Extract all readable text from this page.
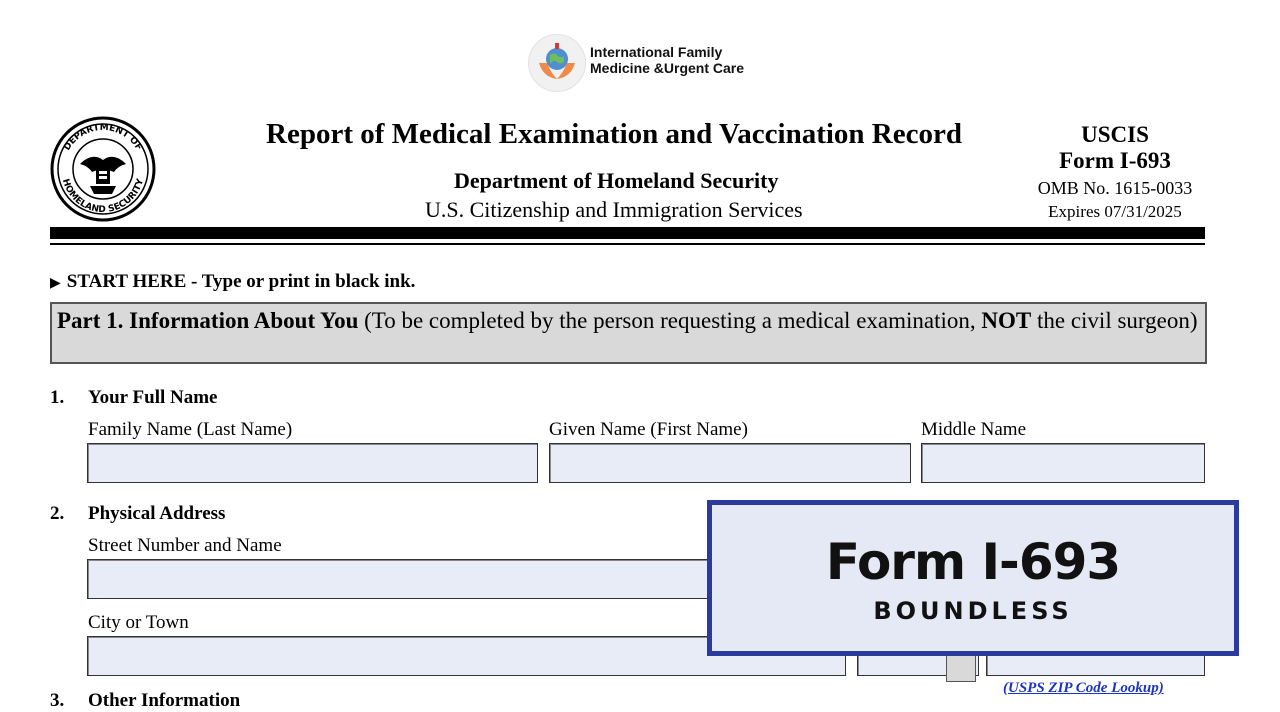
International Family
Medicine &Urgent Care
DEPARTMENT OF
HOMELAND SECURITY
Report of Medical Examination and Vaccination Record
Department of Homeland Security
U.S. Citizenship and Immigration Services
USCIS
Form I-693
OMB No. 1615-0033
Expires 07/31/2025
▶ START HERE - Type or print in black ink.
Part 1. Information About You (To be completed by the person requesting a medical examination, NOT the civil surgeon)
1. Your Full Name
Family Name (Last Name)	Given Name (First Name)	Middle Name
2. Physical Address
Street Number and Name
City or Town
(USPS ZIP Code Lookup)
3. Other Information
Form I-693
BOUNDLESS
